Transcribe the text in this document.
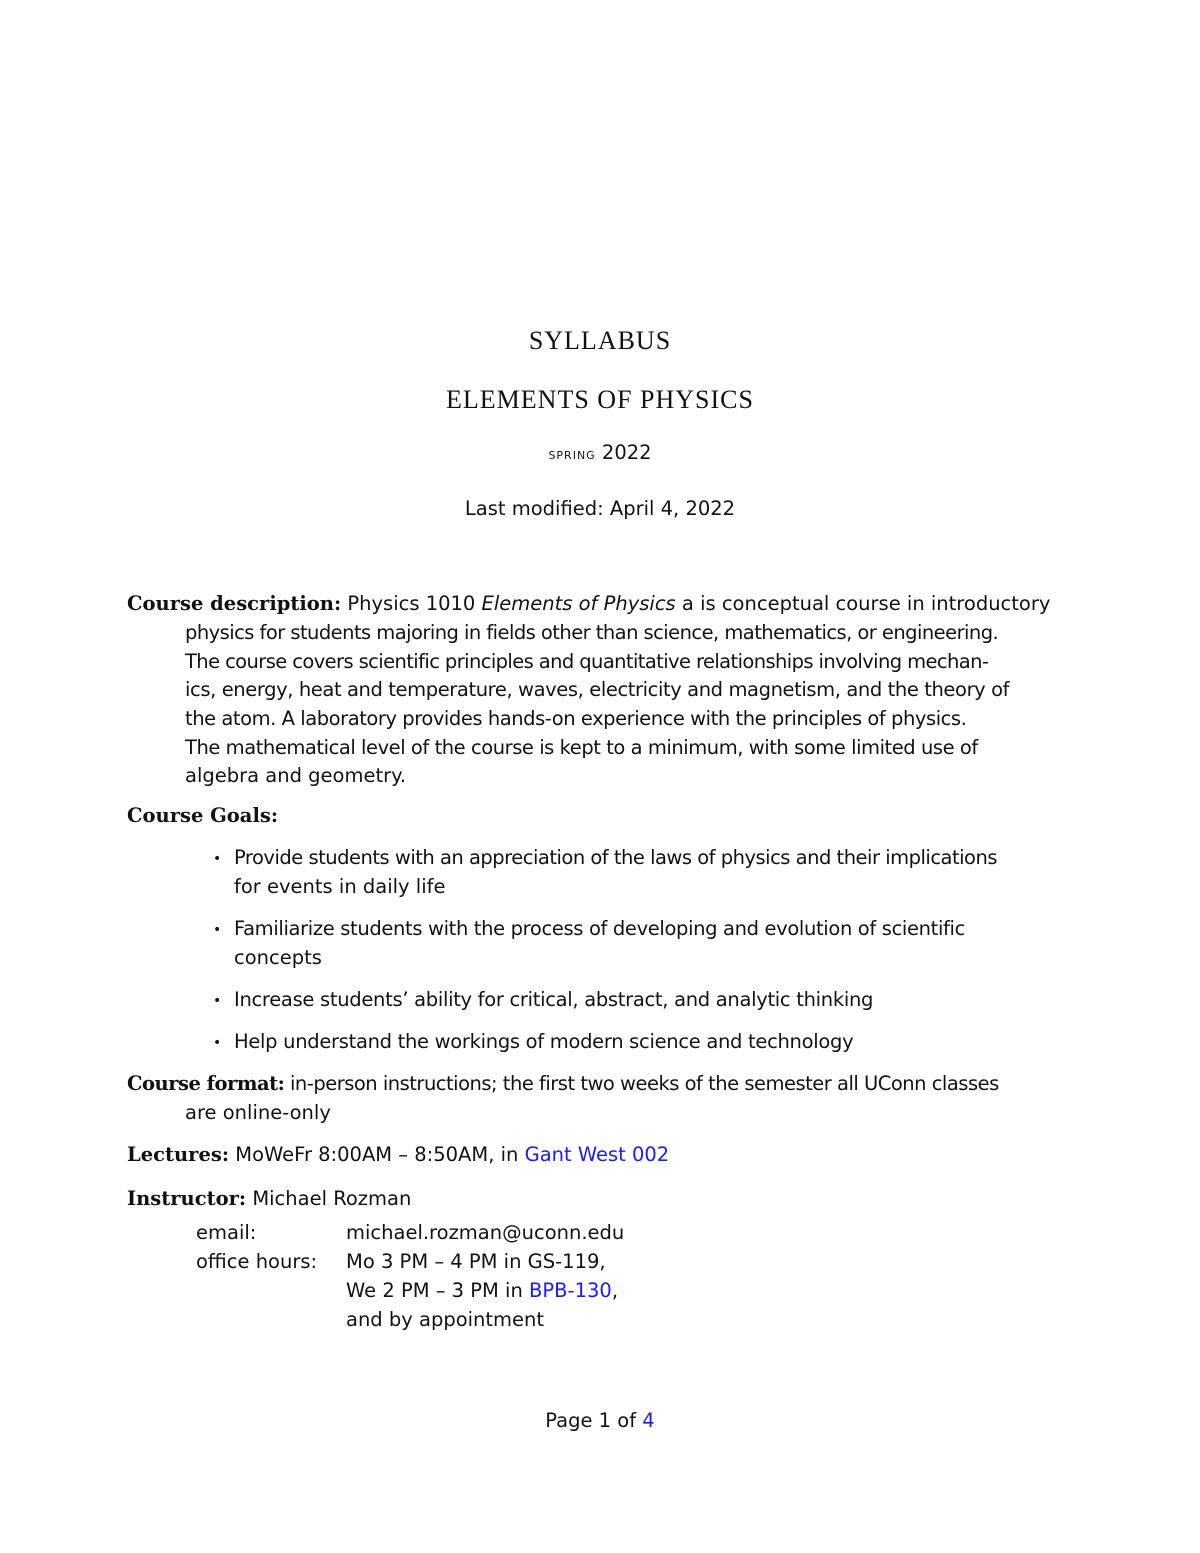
SYLLABUS
ELEMENTS OF PHYSICS
spring 2022
Last modified: April 4, 2022
Course description: Physics 1010 Elements of Physics a is conceptual course in introductory
physics for students majoring in fields other than science, mathematics, or engineering.
The course covers scientific principles and quantitative relationships involving mechan-
ics, energy, heat and temperature, waves, electricity and magnetism, and the theory of
the atom. A laboratory provides hands-on experience with the principles of physics.
The mathematical level of the course is kept to a minimum, with some limited use of
algebra and geometry.
Course Goals:
• Provide students with an appreciation of the laws of physics and their implications
for events in daily life
• Familiarize students with the process of developing and evolution of scientific
concepts
• Increase students’ ability for critical, abstract, and analytic thinking
• Help understand the workings of modern science and technology
Course format: in-person instructions; the first two weeks of the semester all UConn classes
are online-only
Lectures: MoWeFr 8:00AM – 8:50AM, in Gant West 002
Instructor: Michael Rozman
email:	michael.rozman@uconn.edu
office hours:	Mo 3 PM – 4 PM in GS-119,
	We 2 PM – 3 PM in BPB-130,
	and by appointment
Page 1 of 4
